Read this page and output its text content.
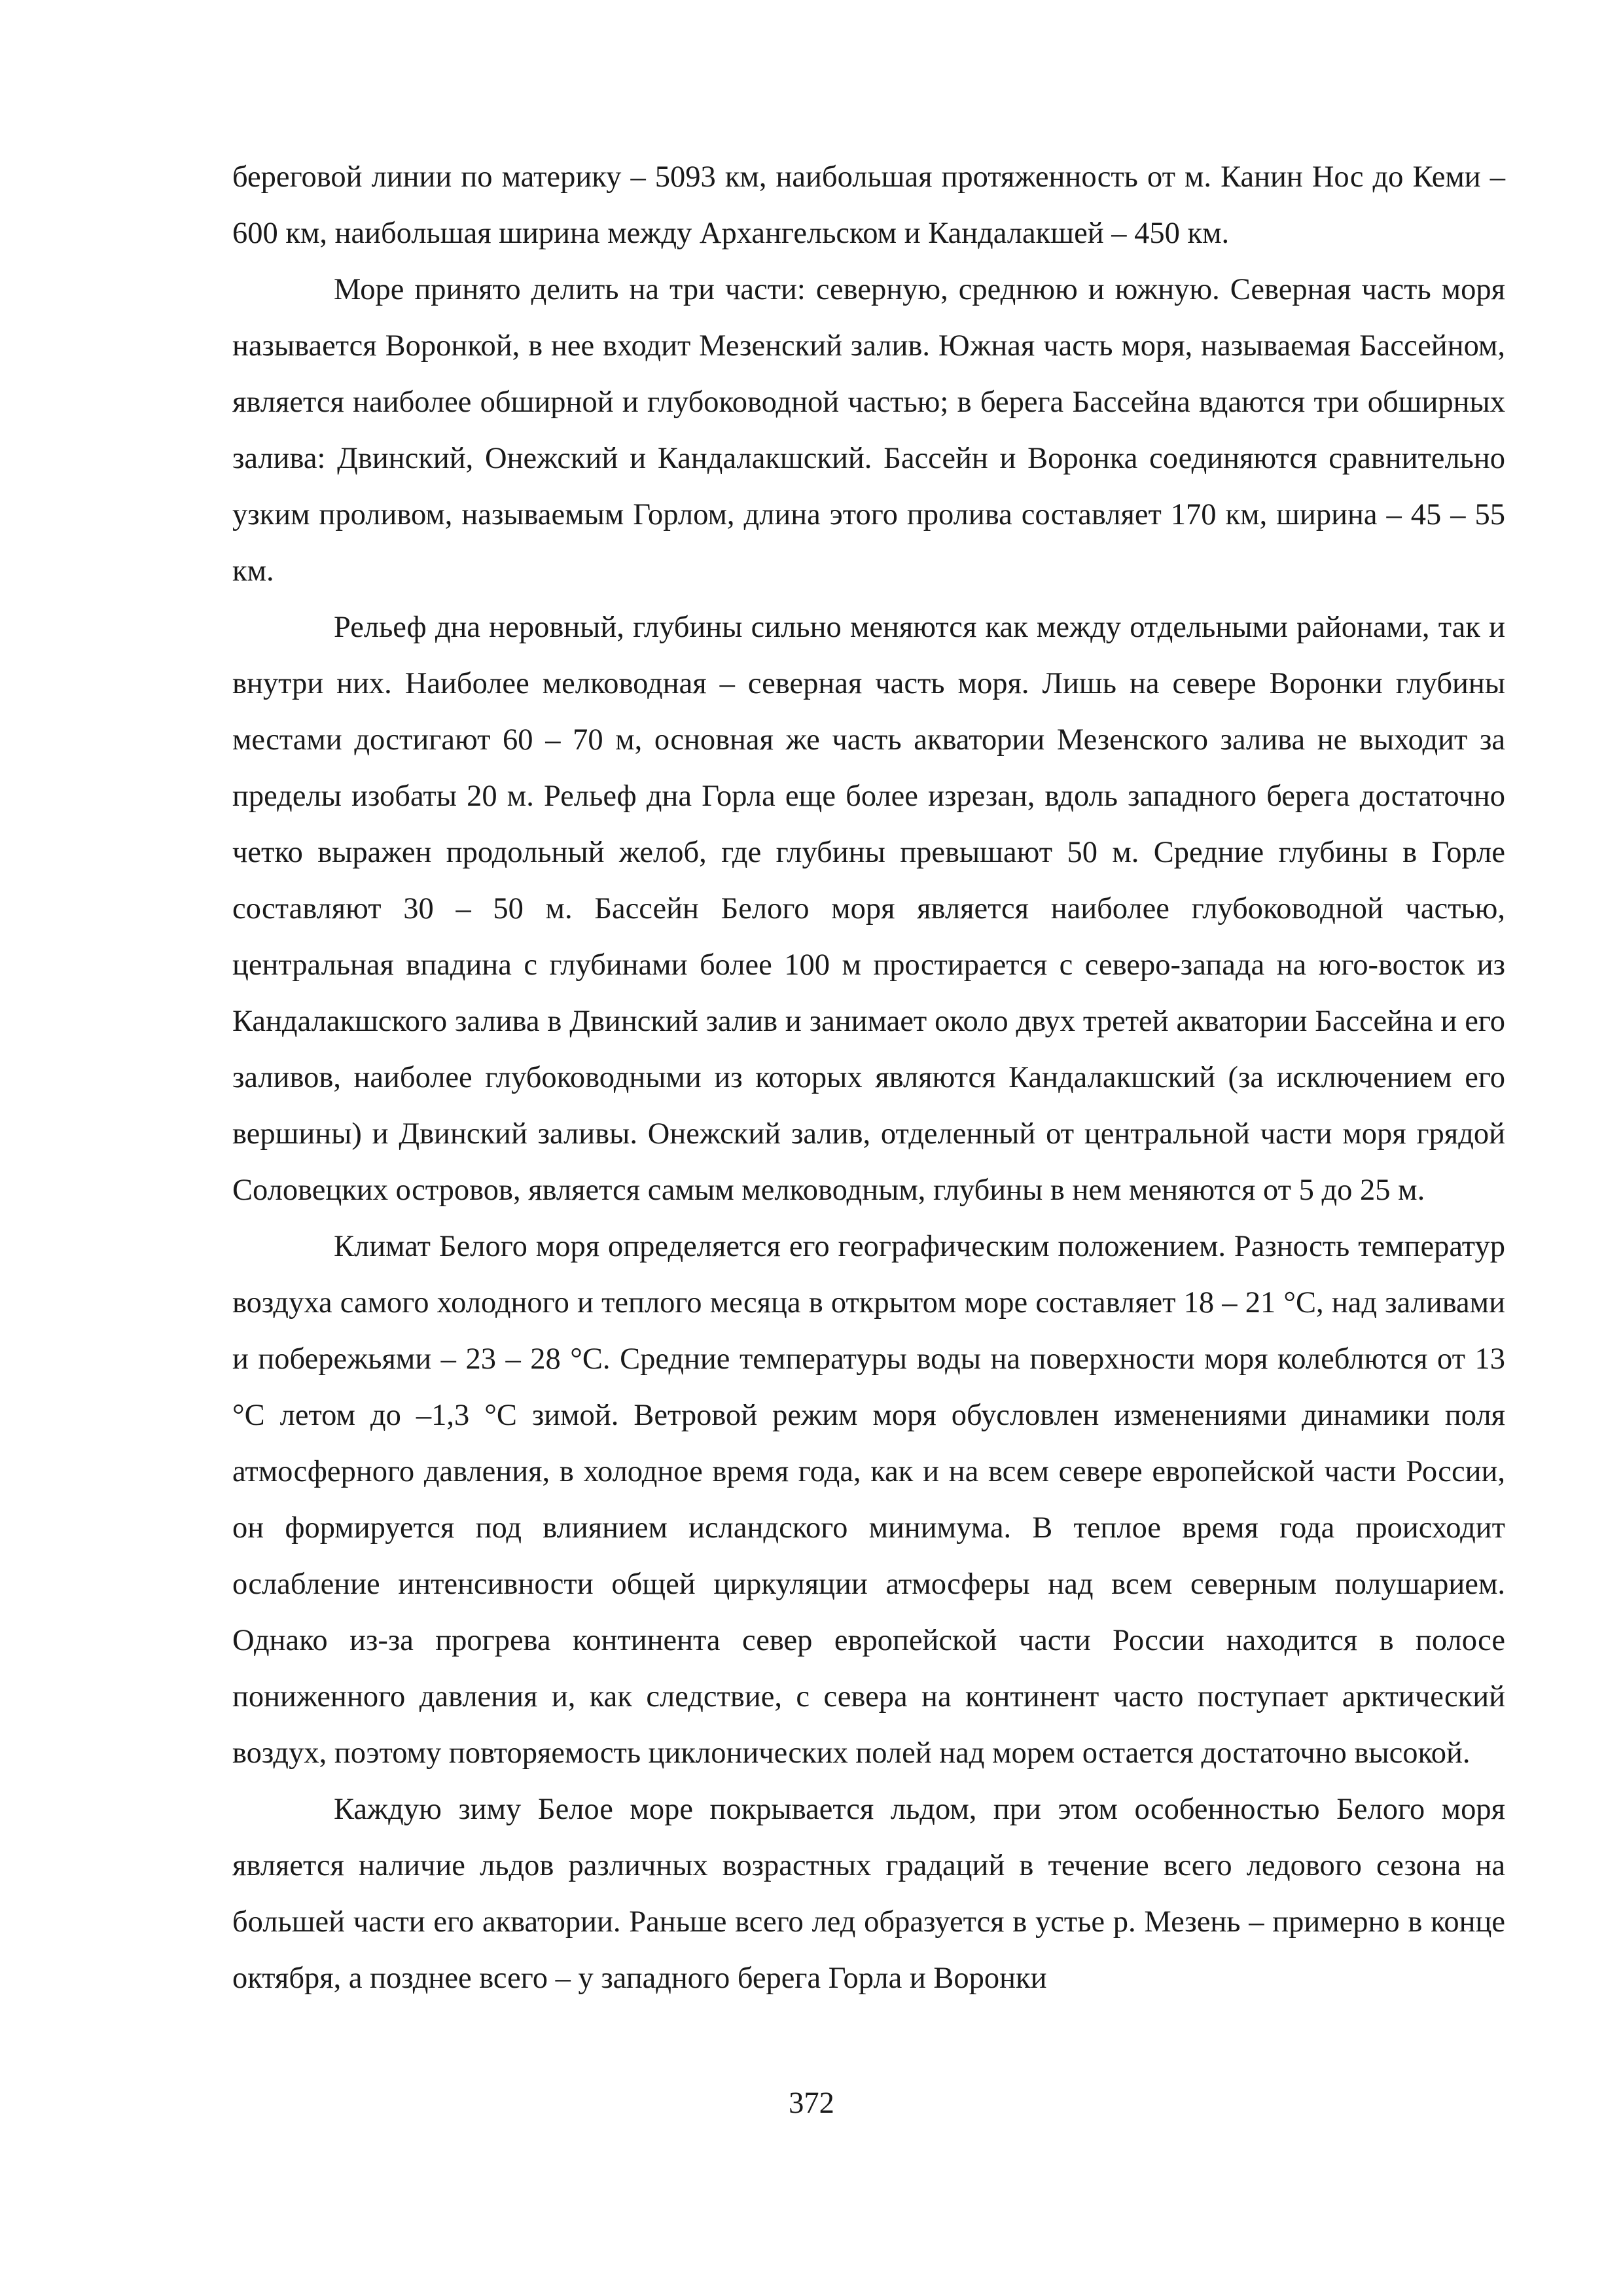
береговой линии по материку – 5093 км, наибольшая протяженность от м. Канин Нос до Кеми – 600 км, наибольшая ширина между Архангельском и Кандалакшей – 450 км.

Море принято делить на три части: северную, среднюю и южную. Северная часть моря называется Воронкой, в нее входит Мезенский залив. Южная часть моря, называемая Бассейном, является наиболее обширной и глубоководной частью; в берега Бассейна вдаются три обширных залива: Двинский, Онежский и Кандалакшский. Бассейн и Воронка соединяются сравнительно узким проливом, называемым Горлом, длина этого пролива составляет 170 км, ширина – 45 – 55 км.

Рельеф дна неровный, глубины сильно меняются как между отдельными районами, так и внутри них. Наиболее мелководная – северная часть моря. Лишь на севере Воронки глубины местами достигают 60 – 70 м, основная же часть акватории Мезенского залива не выходит за пределы изобаты 20 м. Рельеф дна Горла еще более изрезан, вдоль западного берега достаточно четко выражен продольный желоб, где глубины превышают 50 м. Средние глубины в Горле составляют 30 – 50 м. Бассейн Белого моря является наиболее глубоководной частью, центральная впадина с глубинами более 100 м простирается с северо-запада на юго-восток из Кандалакшского залива в Двинский залив и занимает около двух третей акватории Бассейна и его заливов, наиболее глубоководными из которых являются Кандалакшский (за исключением его вершины) и Двинский заливы. Онежский залив, отделенный от центральной части моря грядой Соловецких островов, является самым мелководным, глубины в нем меняются от 5 до 25 м.

Климат Белого моря определяется его географическим положением. Разность температур воздуха самого холодного и теплого месяца в открытом море составляет 18 – 21 °С, над заливами и побережьями – 23 – 28 °С. Средние температуры воды на поверхности моря колеблются от 13 °С летом до –1,3 °С зимой. Ветровой режим моря обусловлен изменениями динамики поля атмосферного давления, в холодное время года, как и на всем севере европейской части России, он формируется под влиянием исландского минимума. В теплое время года происходит ослабление интенсивности общей циркуляции атмосферы над всем северным полушарием. Однако из-за прогрева континента север европейской части России находится в полосе пониженного давления и, как следствие, с севера на континент часто поступает арктический воздух, поэтому повторяемость циклонических полей над морем остается достаточно высокой.

Каждую зиму Белое море покрывается льдом, при этом особенностью Белого моря является наличие льдов различных возрастных градаций в течение всего ледового сезона на большей части его акватории. Раньше всего лед образуется в устье р. Мезень – примерно в конце октября, а позднее всего – у западного берега Горла и Воронки

372
